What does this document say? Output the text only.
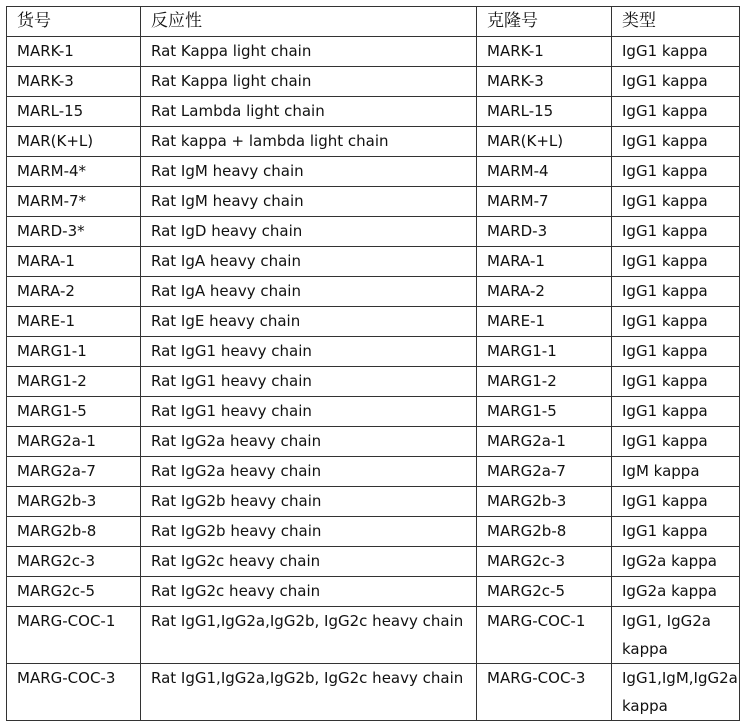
货号	反应性	克隆号	类型
MARK-1	Rat Kappa light chain	MARK-1	IgG1 kappa
MARK-3	Rat Kappa light chain	MARK-3	IgG1 kappa
MARL-15	Rat Lambda light chain	MARL-15	IgG1 kappa
MAR(K+L)	Rat kappa + lambda light chain	MAR(K+L)	IgG1 kappa
MARM-4*	Rat IgM heavy chain	MARM-4	IgG1 kappa
MARM-7*	Rat IgM heavy chain	MARM-7	IgG1 kappa
MARD-3*	Rat IgD heavy chain	MARD-3	IgG1 kappa
MARA-1	Rat IgA heavy chain	MARA-1	IgG1 kappa
MARA-2	Rat IgA heavy chain	MARA-2	IgG1 kappa
MARE-1	Rat IgE heavy chain	MARE-1	IgG1 kappa
MARG1-1	Rat IgG1 heavy chain	MARG1-1	IgG1 kappa
MARG1-2	Rat IgG1 heavy chain	MARG1-2	IgG1 kappa
MARG1-5	Rat IgG1 heavy chain	MARG1-5	IgG1 kappa
MARG2a-1	Rat IgG2a heavy chain	MARG2a-1	IgG1 kappa
MARG2a-7	Rat IgG2a heavy chain	MARG2a-7	IgM kappa
MARG2b-3	Rat IgG2b heavy chain	MARG2b-3	IgG1 kappa
MARG2b-8	Rat IgG2b heavy chain	MARG2b-8	IgG1 kappa
MARG2c-3	Rat IgG2c heavy chain	MARG2c-3	IgG2a kappa
MARG2c-5	Rat IgG2c heavy chain	MARG2c-5	IgG2a kappa
MARG-COC-1	Rat IgG1,IgG2a,IgG2b, IgG2c heavy chain	MARG-COC-1	IgG1, IgG2a kappa
MARG-COC-3	Rat IgG1,IgG2a,IgG2b, IgG2c heavy chain	MARG-COC-3	IgG1,IgM,IgG2a kappa
